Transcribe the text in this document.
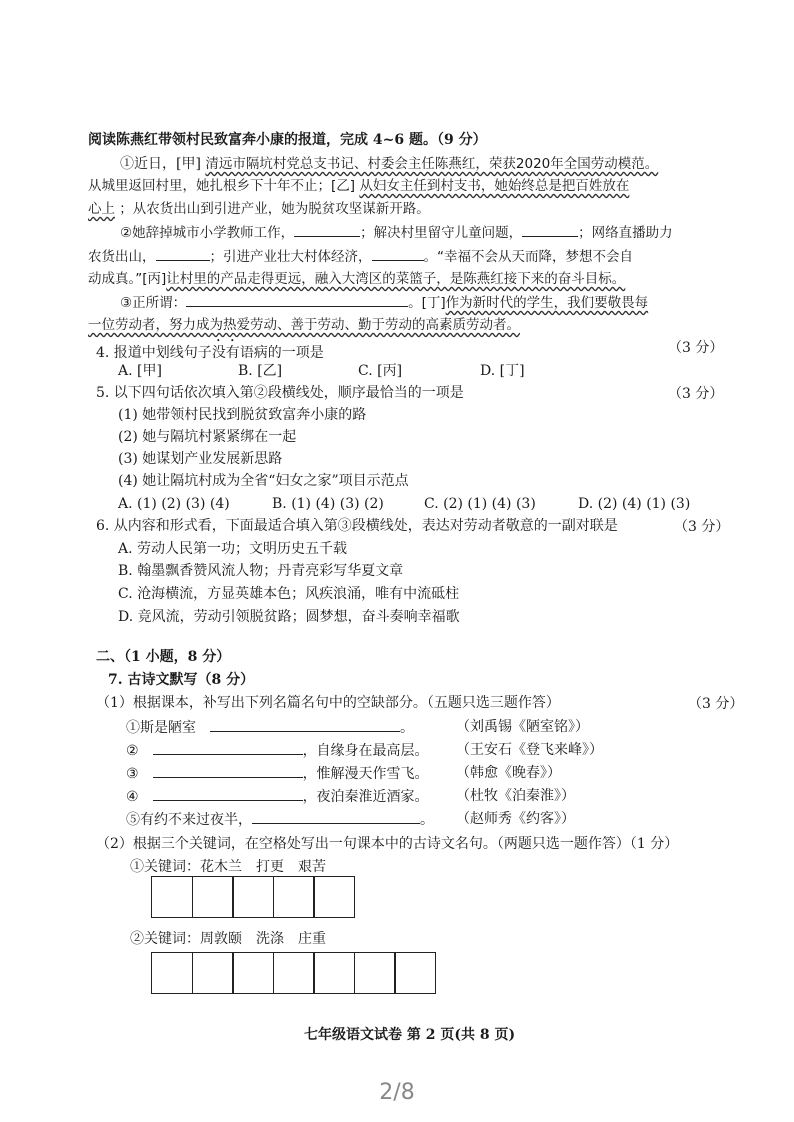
阅读陈燕红带领村民致富奔小康的报道，完成 4~6 题。（9 分）
①近日，[甲] 清远市隔坑村党总支书记、村委会主任陈燕红，荣获2020年全国劳动模范。
从城里返回村里，她扎根乡下十年不止；[乙] 从妇女主任到村支书，她始终总是把百姓放在
心上 ；从农货出山到引进产业，她为脱贫攻坚谋新开路。
②她辞掉城市小学教师工作，	；解决村里留守儿童问题，	；网络直播助力
农货出山，	；引进产业壮大村体经济，	。“幸福不会从天而降，梦想不会自
动成真。”[丙]让村里的产品走得更远，融入大湾区的菜篮子，是陈燕红接下来的奋斗目标。
③正所谓：	。[丁]作为新时代的学生，我们要敬畏每
一位劳动者，努力成为热爱劳动、善于劳动、勤于劳动的高素质劳动者。
4. 报道中划线句子没有语病的一项是	（3 分）
A. [甲]	B. [乙]	C. [丙]	D. [丁]
5. 以下四句话依次填入第②段横线处，顺序最恰当的一项是	（3 分）
(1) 她带领村民找到脱贫致富奔小康的路
(2) 她与隔坑村紧紧绑在一起
(3) 她谋划产业发展新思路
(4) 她让隔坑村成为全省“妇女之家”项目示范点
A. (1) (2) (3) (4)	B. (1) (4) (3) (2)	C. (2) (1) (4) (3)	D. (2) (4) (1) (3)
6. 从内容和形式看，下面最适合填入第③段横线处，表达对劳动者敬意的一副对联是	（3 分）
A. 劳动人民第一功；文明历史五千载
B. 翰墨飘香赞风流人物；丹青亮彩写华夏文章
C. 沧海横流，方显英雄本色；风疾浪涌，唯有中流砥柱
D. 竞风流，劳动引领脱贫路；圆梦想，奋斗奏响幸福歌
二、（1 小题，8 分）
7. 古诗文默写（8 分）
（1）根据课本，补写出下列名篇名句中的空缺部分。（五题只选三题作答）	（3 分）
①斯是陋室	。	（刘禹锡《陋室铭》）
②	，自缘身在最高层。 （王安石《登飞来峰》）
③	，惟解漫天作雪飞。 （韩愈《晚春》）
④	，夜泊秦淮近酒家。 （杜牧《泊秦淮》）
⑤有约不来过夜半，	。 （赵师秀《约客》）
（2）根据三个关键词，在空格处写出一句课本中的古诗文名句。（两题只选一题作答）（1 分）
①关键词：花木兰　打更　艰苦
②关键词：周敦颐　洗涤　庄重
七年级语文试卷 第 2 页(共 8 页)
2/8
